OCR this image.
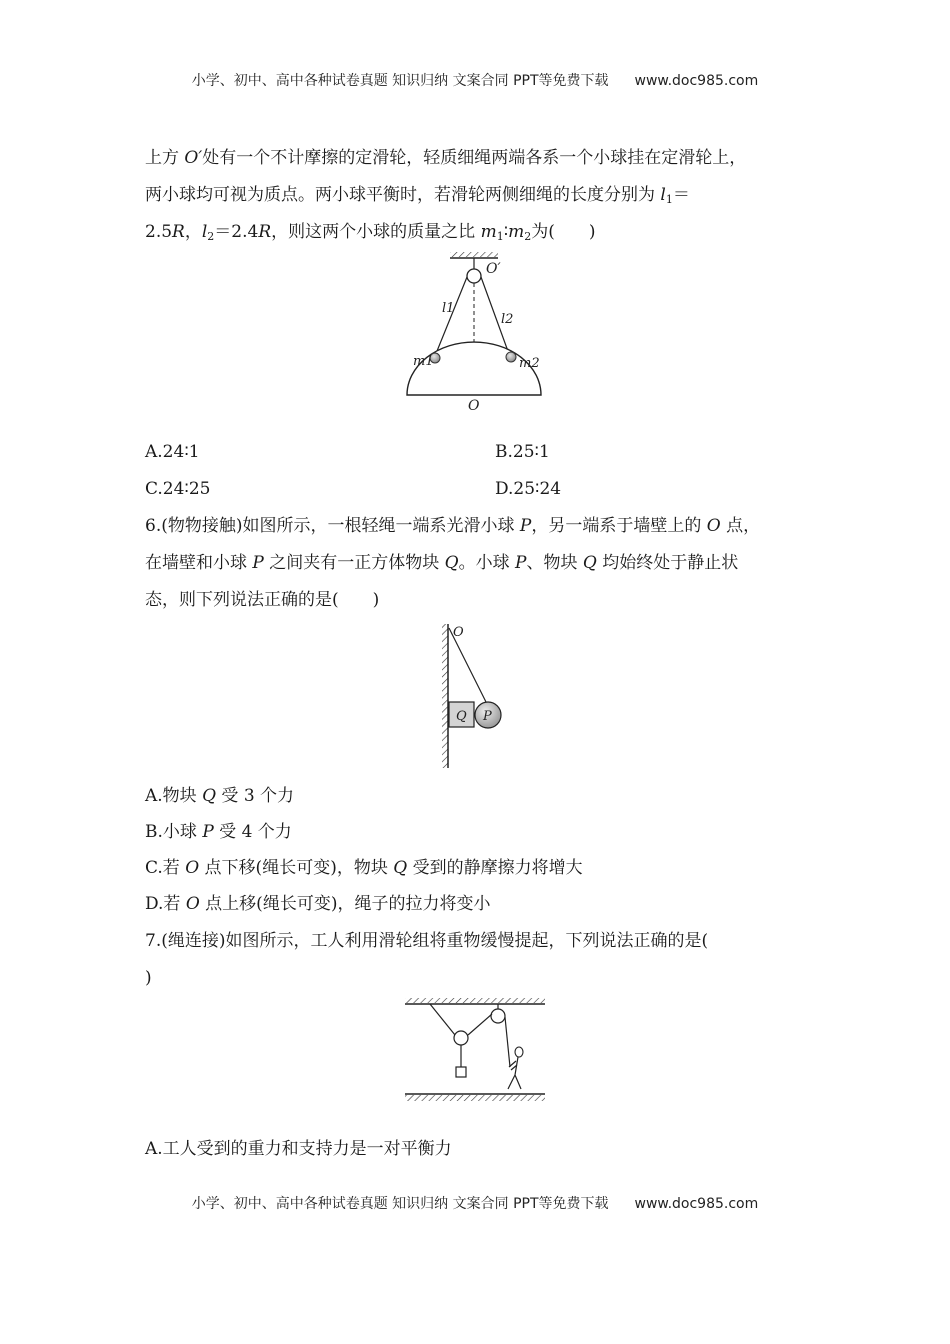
小学、初中、高中各种试卷真题 知识归纳 文案合同 PPT等免费下载 www.doc985.com
上方 O′处有一个不计摩擦的定滑轮，轻质细绳两端各系一个小球挂在定滑轮上，
两小球均可视为质点。两小球平衡时，若滑轮两侧细绳的长度分别为 $l_1=$
2.5R，$l_2=2.4R$，则这两个小球的质量之比 $m_1∶m_2$为(　　)
O′
l1
l2
m1	m2
O
A.24∶1	B.25∶1
C.24∶25	D.25∶24
6.(物物接触)如图所示，一根轻绳一端系光滑小球 P，另一端系于墙壁上的 O 点，
在墙壁和小球 P 之间夹有一正方体物块 Q。小球 P、物块 Q 均始终处于静止状
态，则下列说法正确的是(　　)
O
Q P
A.物块 Q 受 3 个力
B.小球 P 受 4 个力
C.若 O 点下移(绳长可变)，物块 Q 受到的静摩擦力将增大
D.若 O 点上移(绳长可变)，绳子的拉力将变小
7.(绳连接)如图所示，工人利用滑轮组将重物缓慢提起，下列说法正确的是(
)
A.工人受到的重力和支持力是一对平衡力
小学、初中、高中各种试卷真题 知识归纳 文案合同 PPT等免费下载 www.doc985.com
